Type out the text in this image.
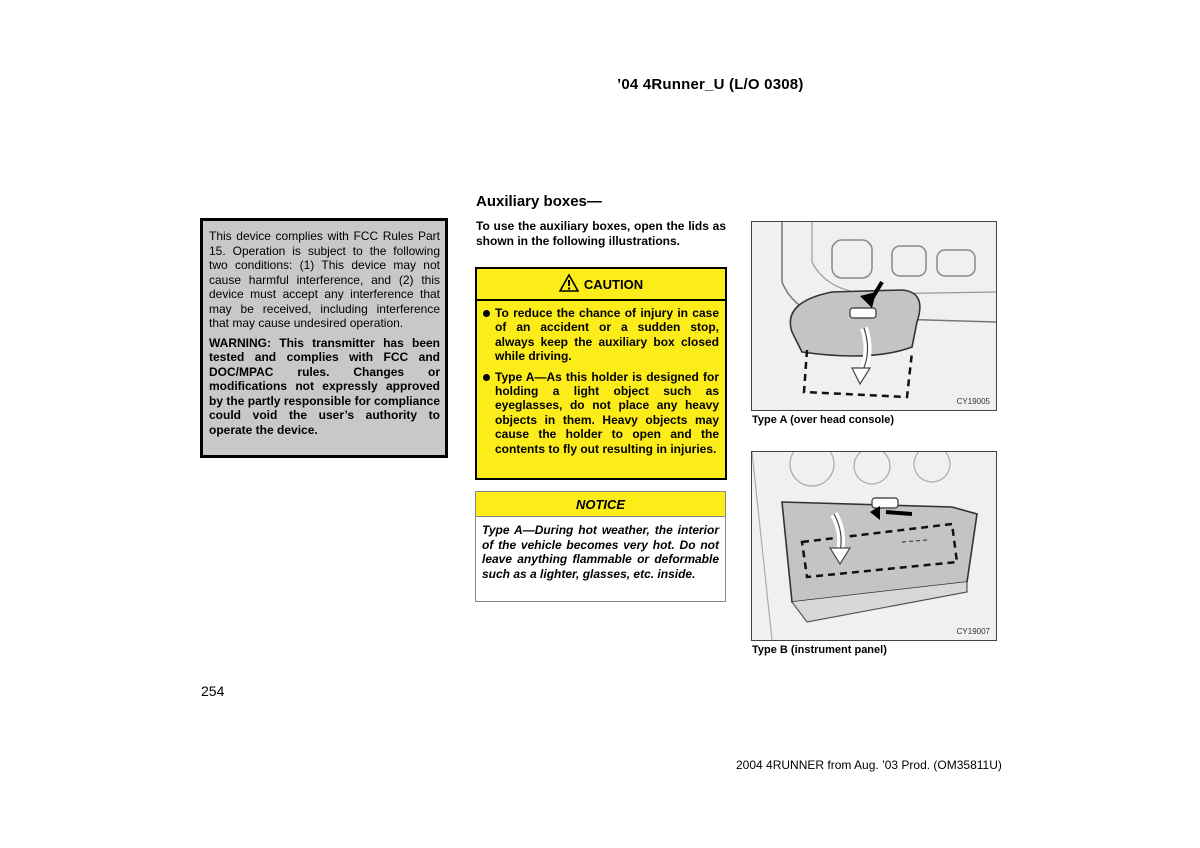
’04 4Runner_U (L/O 0308)
Auxiliary boxes—

This device complies with FCC Rules Part 15. Operation is subject to the following two conditions: (1) This device may not cause harmful interference, and (2) this device must accept any interference that may be received, including interference that may cause undesired operation.

WARNING: This transmitter has been tested and complies with FCC and DOC/MPAC rules. Changes or modifications not expressly approved by the partly responsible for compliance could void the user’s authority to operate the device.

To use the auxiliary boxes, open the lids as shown in the following illustrations.
CAUTION
To reduce the chance of injury in case of an accident or a sudden stop, always keep the auxiliary box closed while driving.
Type A—As this holder is designed for holding a light object such as eyeglasses, do not place any heavy objects in them. Heavy objects may cause the holder to open and the contents to fly out resulting in injuries.
NOTICE
Type A—During hot weather, the interior of the vehicle becomes very hot. Do not leave anything flammable or deformable such as a lighter, glasses, etc. inside.
CY19005
Type A (over head console)
CY19007
Type B (instrument panel)
254
2004 4RUNNER from Aug. ’03 Prod. (OM35811U)
